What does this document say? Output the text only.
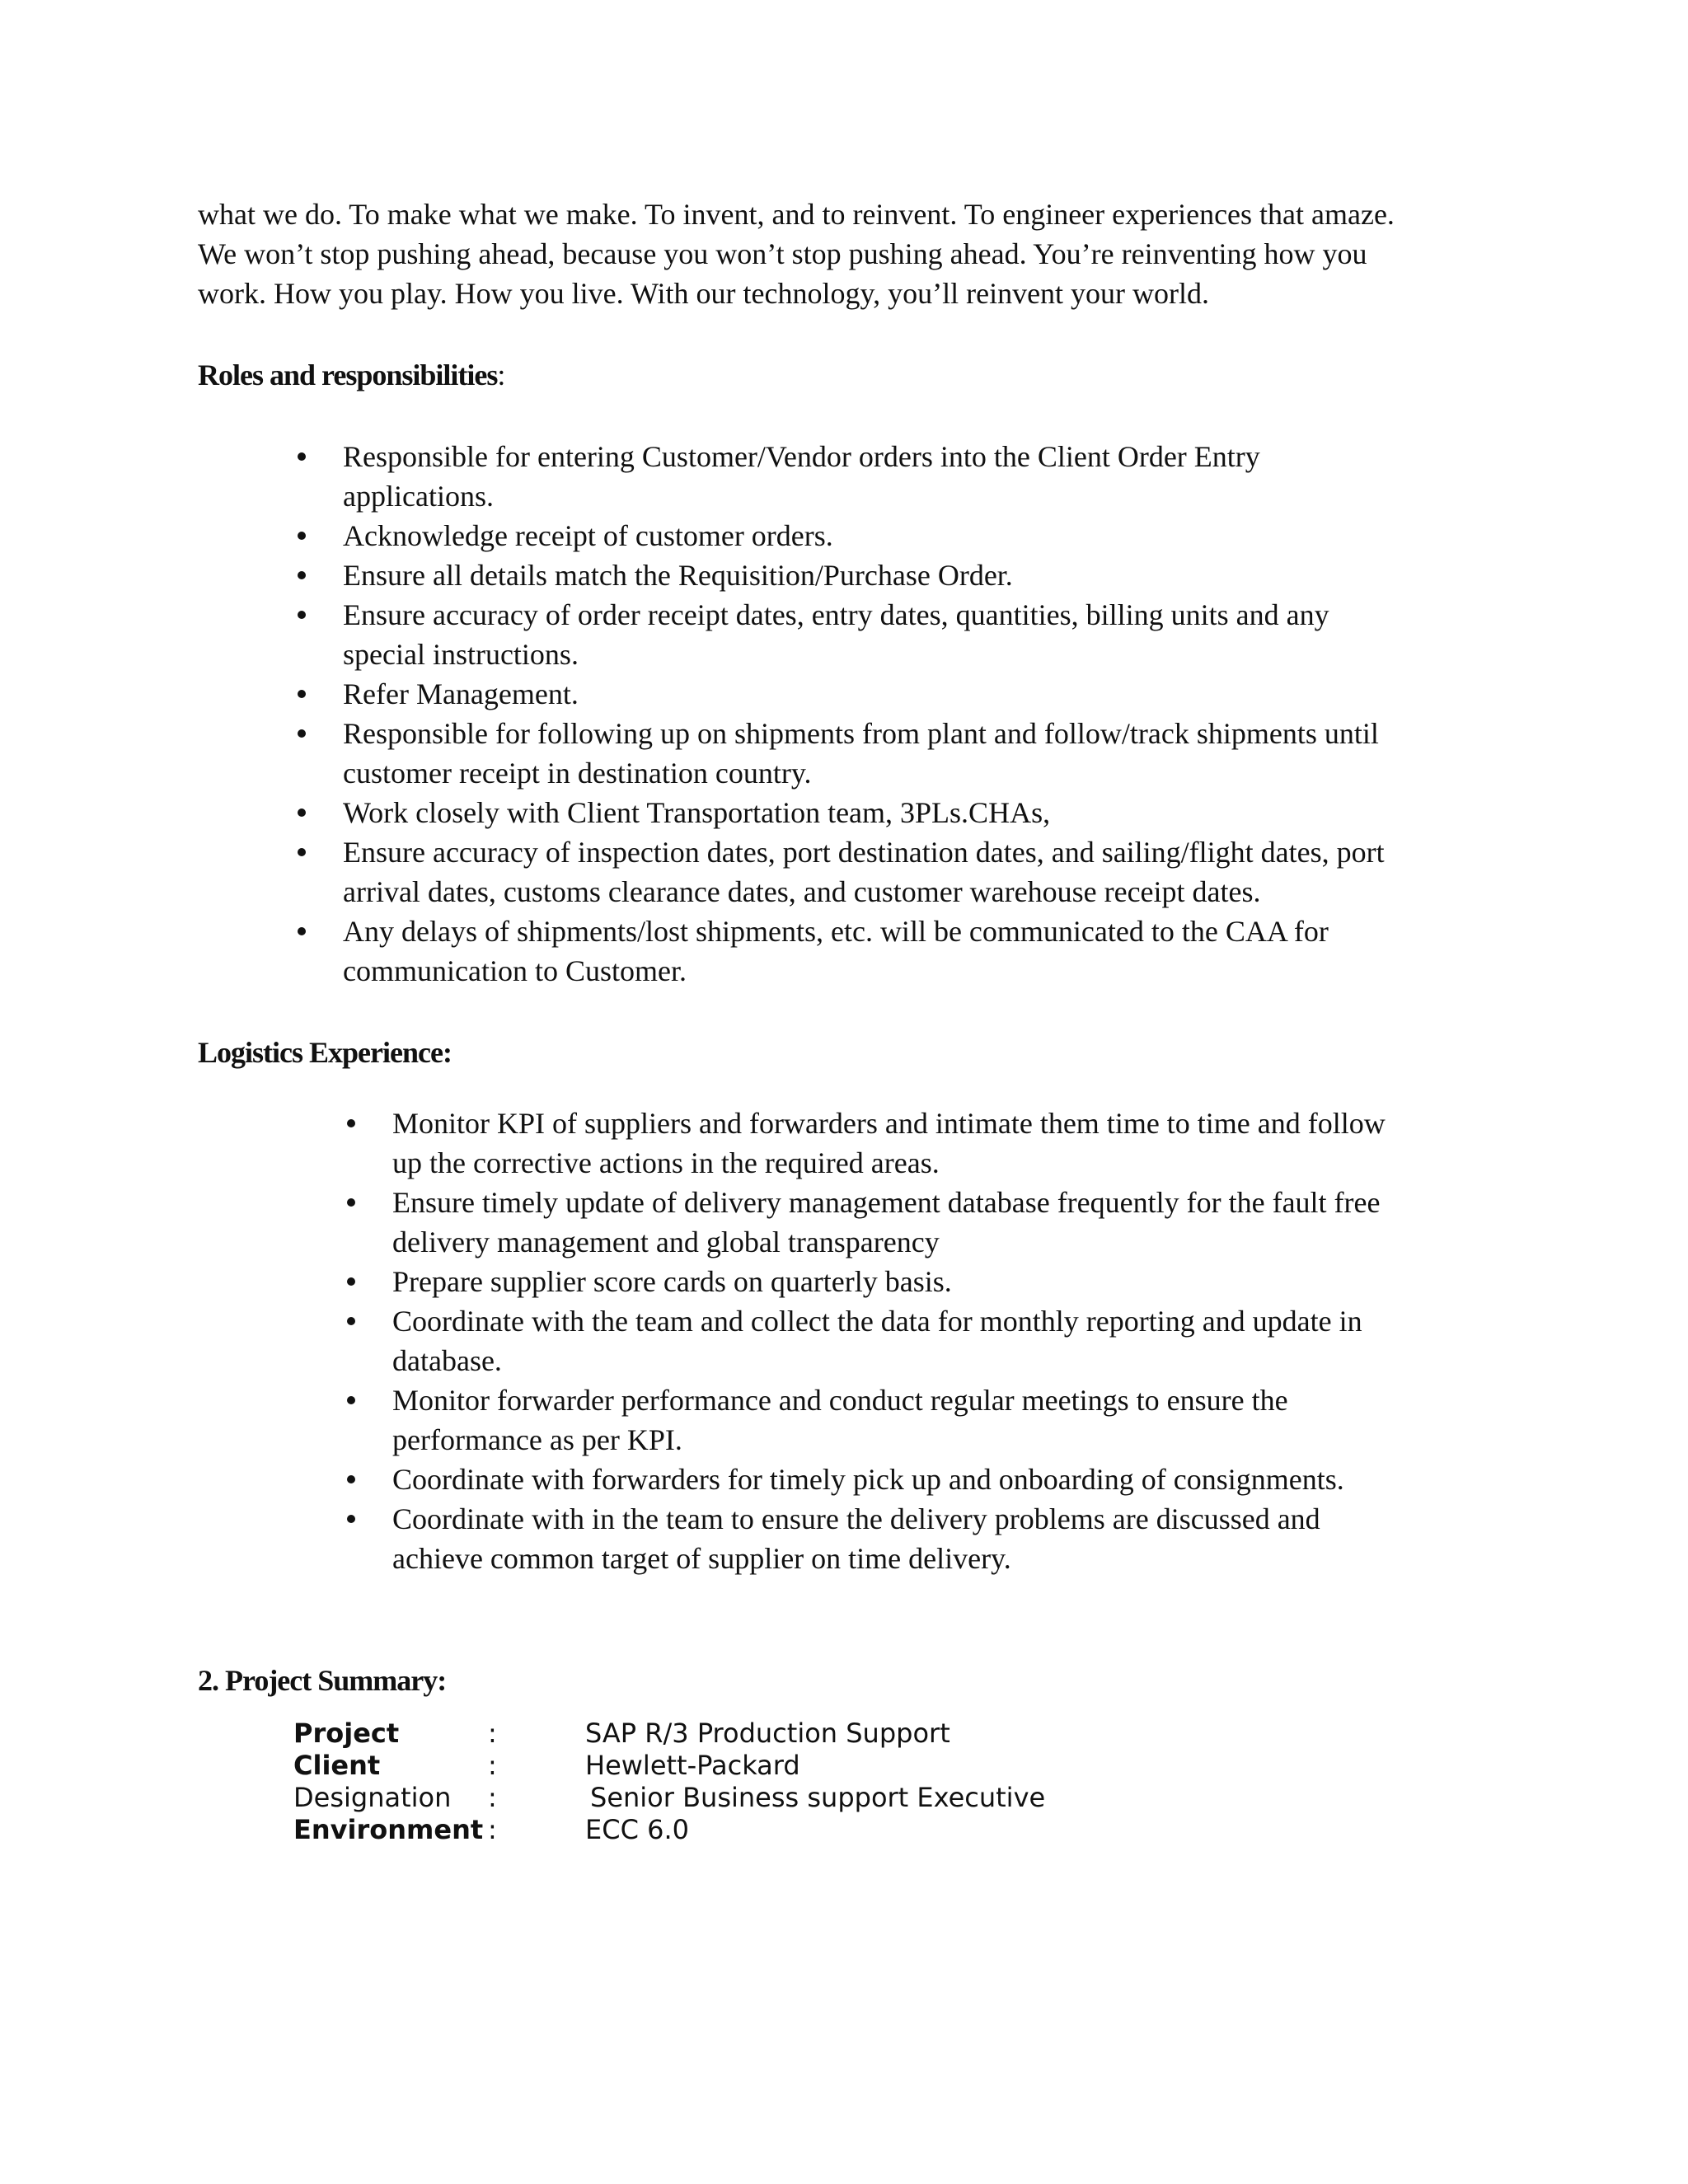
what we do. To make what we make. To invent, and to reinvent. To engineer experiences that amaze.
We won’t stop pushing ahead, because you won’t stop pushing ahead. You’re reinventing how you
work. How you play. How you live. With our technology, you’ll reinvent your world.
Roles and responsibilities:
Responsible for entering Customer/Vendor orders into the Client Order Entry
applications.
Acknowledge receipt of customer orders.
Ensure all details match the Requisition/Purchase Order.
Ensure accuracy of order receipt dates, entry dates, quantities, billing units and any
special instructions.
Refer Management.
Responsible for following up on shipments from plant and follow/track shipments until
customer receipt in destination country.
Work closely with Client Transportation team, 3PLs.CHAs,
Ensure accuracy of inspection dates, port destination dates, and sailing/flight dates, port
arrival dates, customs clearance dates, and customer warehouse receipt dates.
Any delays of shipments/lost shipments, etc. will be communicated to the CAA for
communication to Customer.
Logistics Experience:
Monitor KPI of suppliers and forwarders and intimate them time to time and follow
up the corrective actions in the required areas.
Ensure timely update of delivery management database frequently for the fault free
delivery management and global transparency
Prepare supplier score cards on quarterly basis.
Coordinate with the team and collect the data for monthly reporting and update in
database.
Monitor forwarder performance and conduct regular meetings to ensure the
performance as per KPI.
Coordinate with forwarders for timely pick up and onboarding of consignments.
Coordinate with in the team to ensure the delivery problems are discussed and
achieve common target of supplier on time delivery.
2. Project Summary:
Project	:	SAP R/3 Production Support
Client	:	Hewlett-Packard
Designation :	Senior Business support Executive
Environment :	ECC 6.0
